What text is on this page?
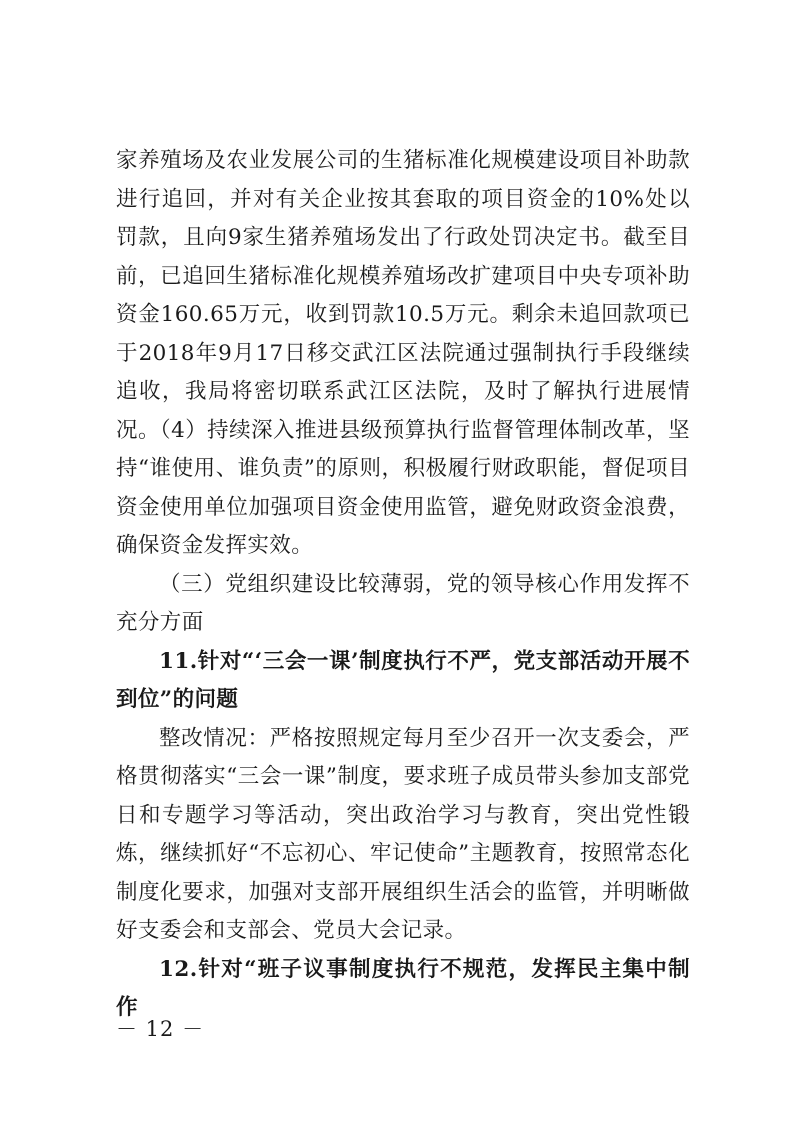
家养殖场及农业发展公司的生猪标准化规模建设项目补助款进行追回，并对有关企业按其套取的项目资金的10%处以罚款，且向9家生猪养殖场发出了行政处罚决定书。截至目前，已追回生猪标准化规模养殖场改扩建项目中央专项补助资金160.65万元，收到罚款10.5万元。剩余未追回款项已于2018年9月17日移交武江区法院通过强制执行手段继续追收，我局将密切联系武江区法院，及时了解执行进展情况。（4）持续深入推进县级预算执行监督管理体制改革，坚持“谁使用、谁负责”的原则，积极履行财政职能，督促项目资金使用单位加强项目资金使用监管，避免财政资金浪费，确保资金发挥实效。

（三）党组织建设比较薄弱，党的领导核心作用发挥不充分方面

11.针对“‘三会一课’制度执行不严，党支部活动开展不到位”的问题

整改情况：严格按照规定每月至少召开一次支委会，严格贯彻落实“三会一课”制度，要求班子成员带头参加支部党日和专题学习等活动，突出政治学习与教育，突出党性锻炼，继续抓好“不忘初心、牢记使命”主题教育，按照常态化制度化要求，加强对支部开展组织生活会的监管，并明晰做好支委会和支部会、党员大会记录。

12.针对“班子议事制度执行不规范，发挥民主集中制作

－ 12 －
